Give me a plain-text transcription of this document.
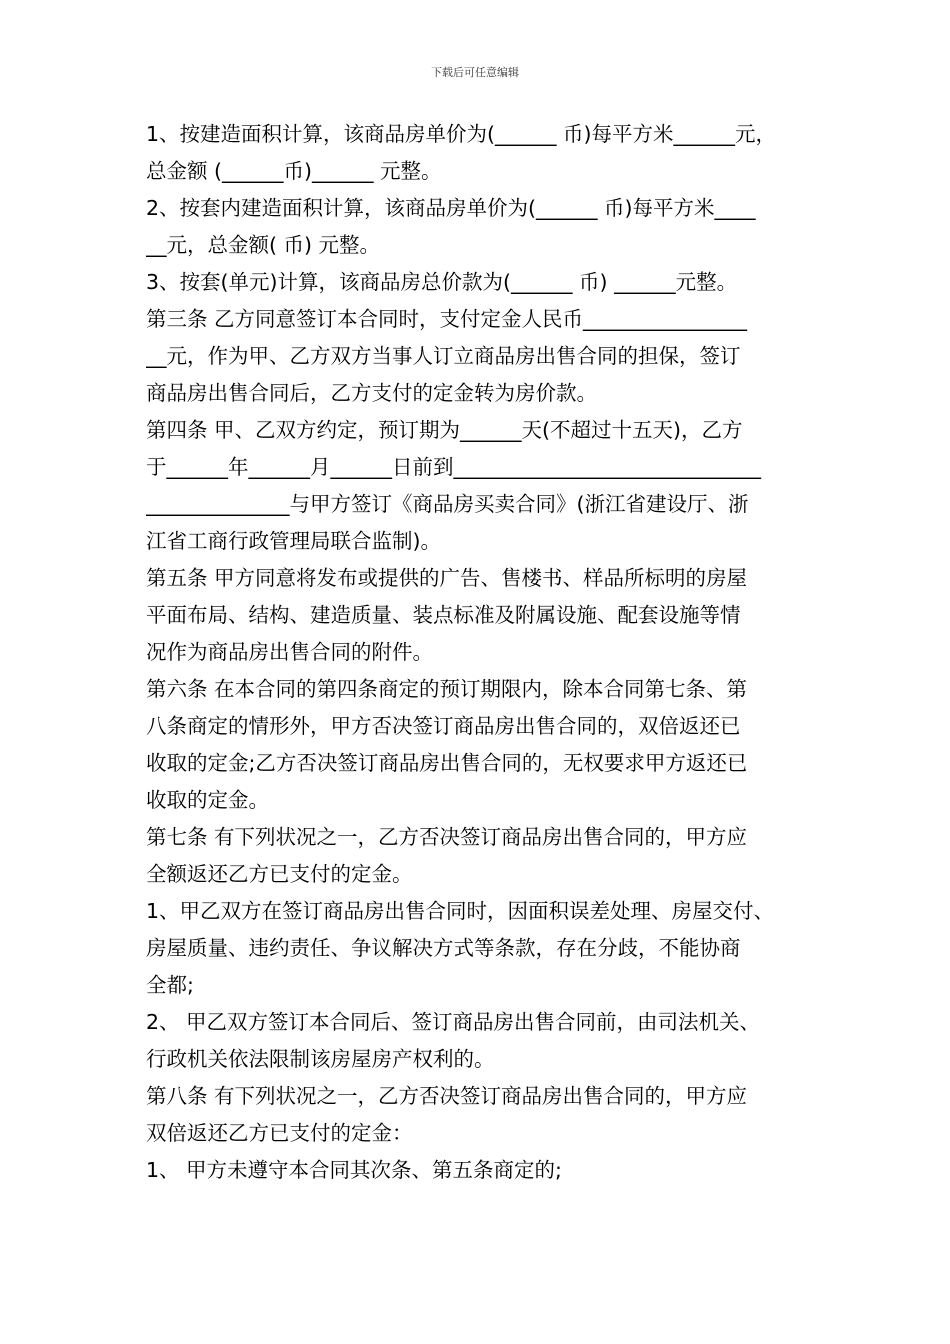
下载后可任意编辑
1、按建造面积计算，该商品房单价为(______ 币)每平方米______元，
总金额 (______币)______ 元整。
2、按套内建造面积计算，该商品房单价为(______ 币)每平方米____
__元，总金额( 币) 元整。
3、按套(单元)计算，该商品房总价款为(______ 币) ______元整。
第三条 乙方同意签订本合同时，支付定金人民币________________
__元，作为甲、乙方双方当事人订立商品房出售合同的担保，签订
商品房出售合同后，乙方支付的定金转为房价款。
第四条 甲、乙双方约定，预订期为______天(不超过十五天)，乙方
于______年______月______日前到______________________________
______________与甲方签订《商品房买卖合同》(浙江省建设厅、浙
江省工商行政管理局联合监制)。
第五条 甲方同意将发布或提供的广告、售楼书、样品所标明的房屋
平面布局、结构、建造质量、装点标准及附属设施、配套设施等情
况作为商品房出售合同的附件。
第六条 在本合同的第四条商定的预订期限内，除本合同第七条、第
八条商定的情形外，甲方否决签订商品房出售合同的，双倍返还已
收取的定金;乙方否决签订商品房出售合同的，无权要求甲方返还已
收取的定金。
第七条 有下列状况之一，乙方否决签订商品房出售合同的，甲方应
全额返还乙方已支付的定金。
1、甲乙双方在签订商品房出售合同时，因面积误差处理、房屋交付、
房屋质量、违约责任、争议解决方式等条款，存在分歧，不能协商
全都;
2、 甲乙双方签订本合同后、签订商品房出售合同前，由司法机关、
行政机关依法限制该房屋房产权利的。
第八条 有下列状况之一，乙方否决签订商品房出售合同的，甲方应
双倍返还乙方已支付的定金：
1、 甲方未遵守本合同其次条、第五条商定的;
